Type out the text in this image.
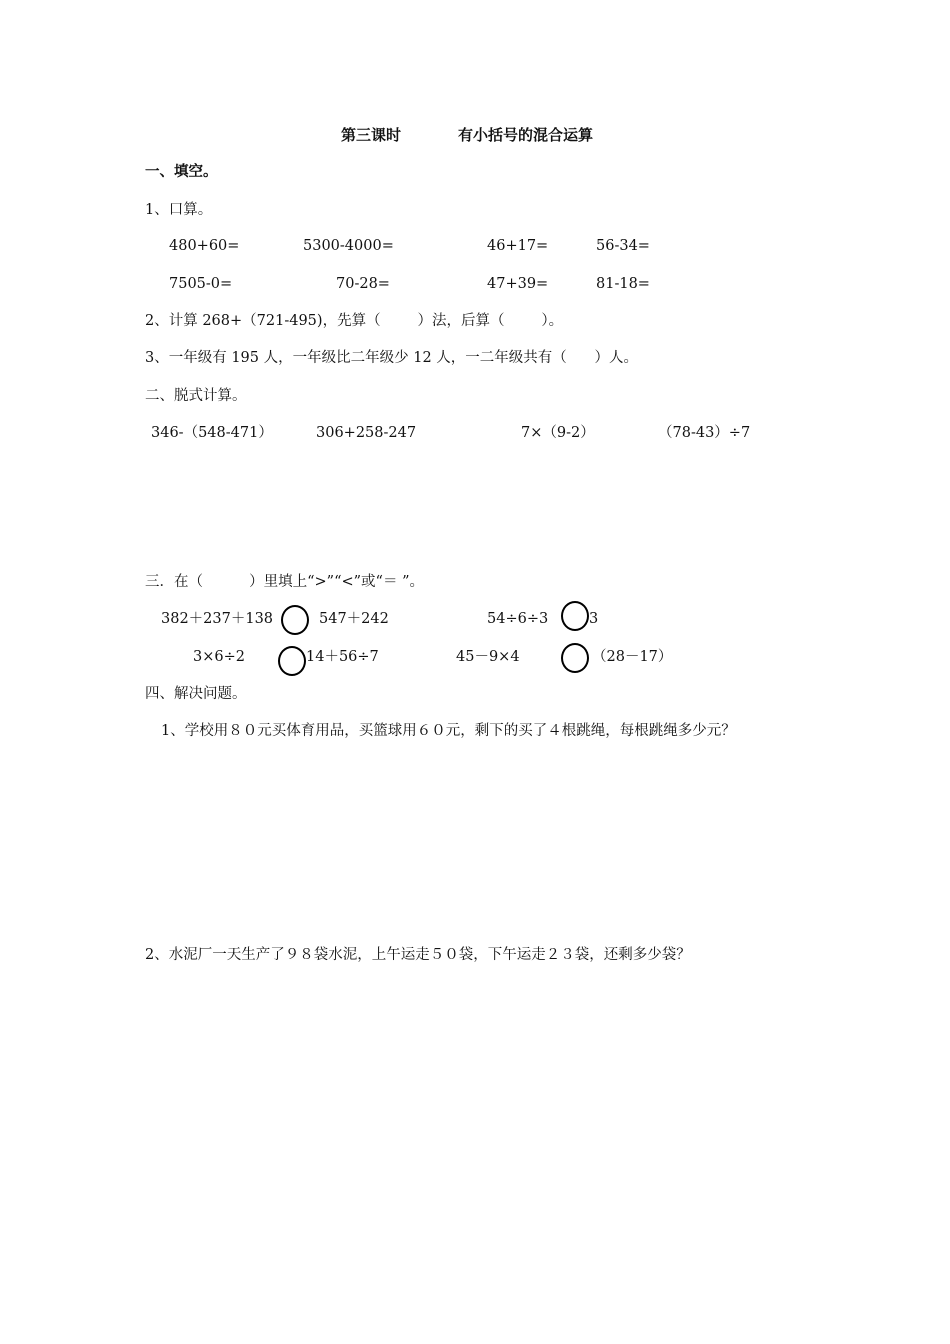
第三课时	有小括号的混合运算
一、填空。
1、口算。
480+60=	5300-4000=	46+17=	56-34=
7505-0=	70-28=	47+39=	81-18=
2、计算 268+（721-495)，先算（        ）法，后算（        ）。
3、一年级有 195 人，一年级比二年级少 12 人，一二年级共有（      ）人。
二、脱式计算。
346-（548-471）	306+258-247	7×（9-2）	（78-43）÷7
三．在（          ）里填上“>”“<”或“＝ ”。
382＋237＋138	547＋242	54÷6÷3	3
3×6÷2	14＋56÷7	45－9×4	（28－17）
四、解决问题。
1、学校用８０元买体育用品，买篮球用６０元，剩下的买了４根跳绳，每根跳绳多少元？
2、水泥厂一天生产了９８袋水泥，上午运走５０袋，下午运走２３袋，还剩多少袋？
